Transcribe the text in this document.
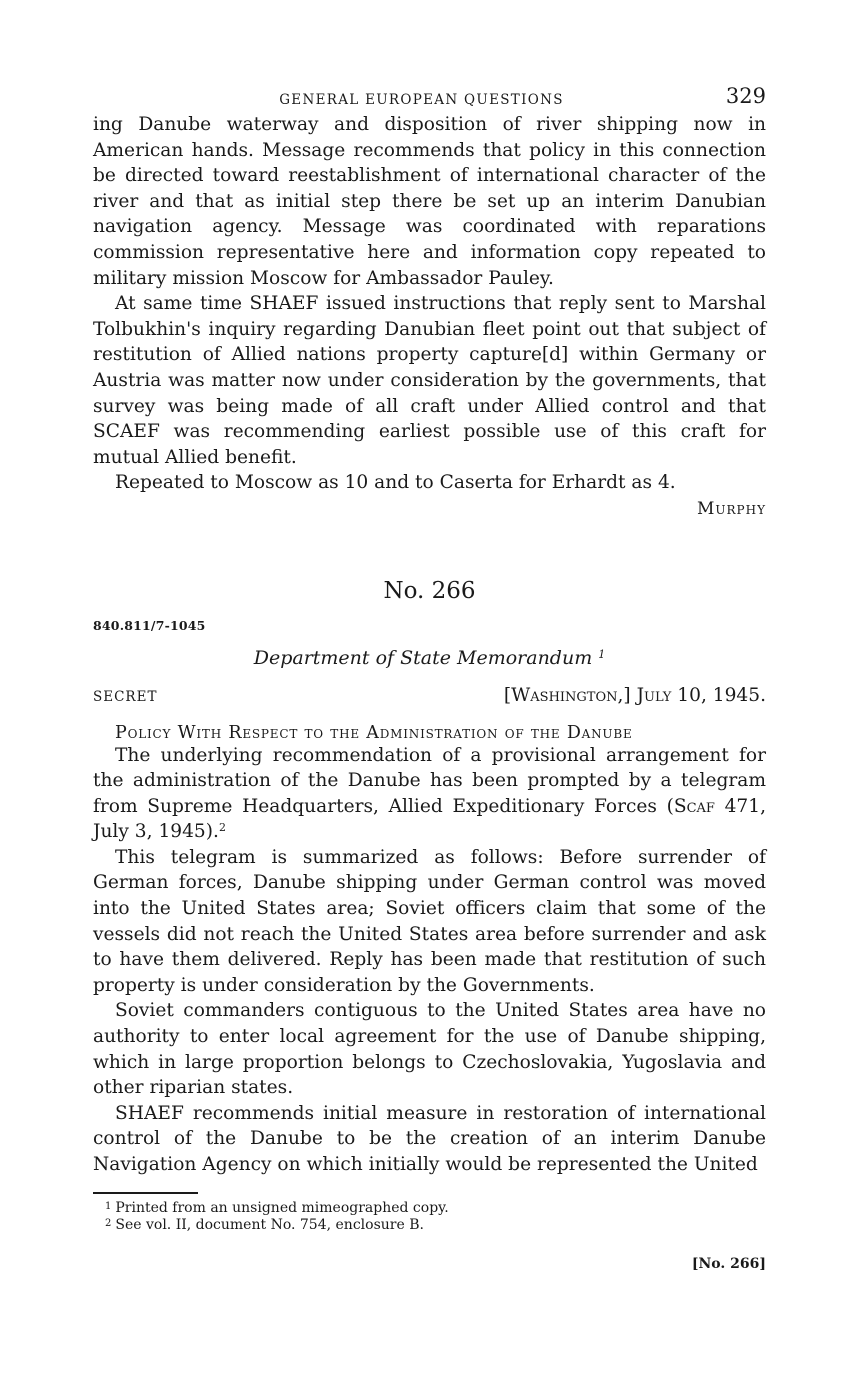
GENERAL EUROPEAN QUESTIONS	329

ing Danube waterway and disposition of river shipping now in American hands. Message recommends that policy in this connection be directed toward reestablishment of international character of the river and that as initial step there be set up an interim Danubian navigation agency. Message was coordinated with reparations commission representative here and information copy repeated to military mission Moscow for Ambassador Pauley.

At same time SHAEF issued instructions that reply sent to Marshal Tolbukhin's inquiry regarding Danubian fleet point out that subject of restitution of Allied nations property capture[d] within Germany or Austria was matter now under consideration by the governments, that survey was being made of all craft under Allied control and that SCAEF was recommending earliest possible use of this craft for mutual Allied benefit.

Repeated to Moscow as 10 and to Caserta for Erhardt as 4.

Murphy
No. 266
840.811/7-1045
Department of State Memorandum $^1$
SECRET	[Washington,] July 10, 1945.
Policy With Respect to the Administration of the Danube

The underlying recommendation of a provisional arrangement for the administration of the Danube has been prompted by a telegram from Supreme Headquarters, Allied Expeditionary Forces (Scaf 471, July 3, 1945).$^2$

This telegram is summarized as follows: Before surrender of German forces, Danube shipping under German control was moved into the United States area; Soviet officers claim that some of the vessels did not reach the United States area before surrender and ask to have them delivered. Reply has been made that restitution of such property is under consideration by the Governments.

Soviet commanders contiguous to the United States area have no authority to enter local agreement for the use of Danube shipping, which in large proportion belongs to Czechoslovakia, Yugoslavia and other riparian states.

SHAEF recommends initial measure in restoration of international control of the Danube to be the creation of an interim Danube Navigation Agency on which initially would be represented the United

$^1$ Printed from an unsigned mimeographed copy.

$^2$ See vol. II, document No. 754, enclosure B.

[No. 266]
